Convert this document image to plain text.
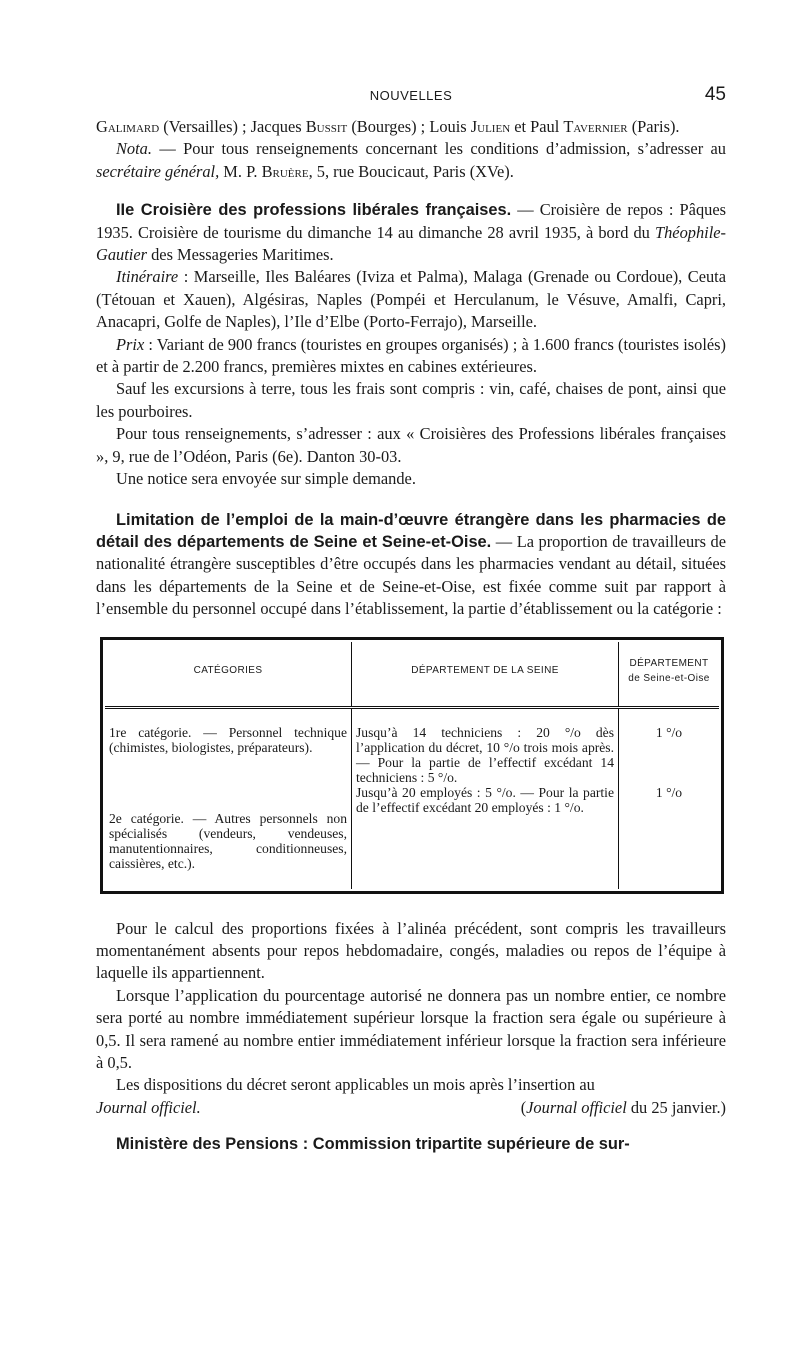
NOUVELLES	45

Galimard (Versailles) ; Jacques Bussit (Bourges) ; Louis Julien et Paul Tavernier (Paris).

Nota. — Pour tous renseignements concernant les conditions d’admission, s’adresser au secrétaire général, M. P. Bruère, 5, rue Boucicaut, Paris (XVe).

IIe Croisière des professions libérales françaises. — Croisière de repos : Pâques 1935. Croisière de tourisme du dimanche 14 au dimanche 28 avril 1935, à bord du Théophile-Gautier des Messageries Maritimes.

Itinéraire : Marseille, Iles Baléares (Iviza et Palma), Malaga (Grenade ou Cordoue), Ceuta (Tétouan et Xauen), Algésiras, Naples (Pompéi et Herculanum, le Vésuve, Amalfi, Capri, Anacapri, Golfe de Naples), l’Ile d’Elbe (Porto-Ferrajo), Marseille.

Prix : Variant de 900 francs (touristes en groupes organisés) ; à 1.600 francs (touristes isolés) et à partir de 2.200 francs, premières mixtes en cabines extérieures.

Sauf les excursions à terre, tous les frais sont compris : vin, café, chaises de pont, ainsi que les pourboires.

Pour tous renseignements, s’adresser : aux « Croisières des Professions libérales françaises », 9, rue de l’Odéon, Paris (6e). Danton 30-03.

Une notice sera envoyée sur simple demande.

Limitation de l’emploi de la main-d’œuvre étrangère dans les pharmacies de détail des départements de Seine et Seine-et-Oise. — La proportion de travailleurs de nationalité étrangère susceptibles d’être occupés dans les pharmacies vendant au détail, situées dans les départements de la Seine et de Seine-et-Oise, est fixée comme suit par rapport à l’ensemble du personnel occupé dans l’établissement, la partie d’établissement ou la catégorie :

CATÉGORIES	DÉPARTEMENT DE LA SEINE	DÉPARTEMENT de Seine-et-Oise
1re catégorie. — Personnel technique (chimistes, biologistes, préparateurs).	Jusqu’à 14 techniciens : 20 °/o dès l’application du décret, 10 °/o trois mois après. — Pour la partie de l’effectif excédant 14 techniciens : 5 °/o.	1 °/o
2e catégorie. — Autres personnels non spécialisés (vendeurs, vendeuses, manutentionnaires, conditionneuses, caissières, etc.).	Jusqu’à 20 employés : 5 °/o. — Pour la partie de l’effectif excédant 20 employés : 1 °/o.	1 °/o

Pour le calcul des proportions fixées à l’alinéa précédent, sont compris les travailleurs momentanément absents pour repos hebdomadaire, congés, maladies ou repos de l’équipe à laquelle ils appartiennent.

Lorsque l’application du pourcentage autorisé ne donnera pas un nombre entier, ce nombre sera porté au nombre immédiatement supérieur lorsque la fraction sera égale ou supérieure à 0,5. Il sera ramené au nombre entier immédiatement inférieur lorsque la fraction sera inférieure à 0,5.

Les dispositions du décret seront applicables un mois après l’insertion au

Journal officiel.	(Journal officiel du 25 janvier.)

Ministère des Pensions : Commission tripartite supérieure de sur-
